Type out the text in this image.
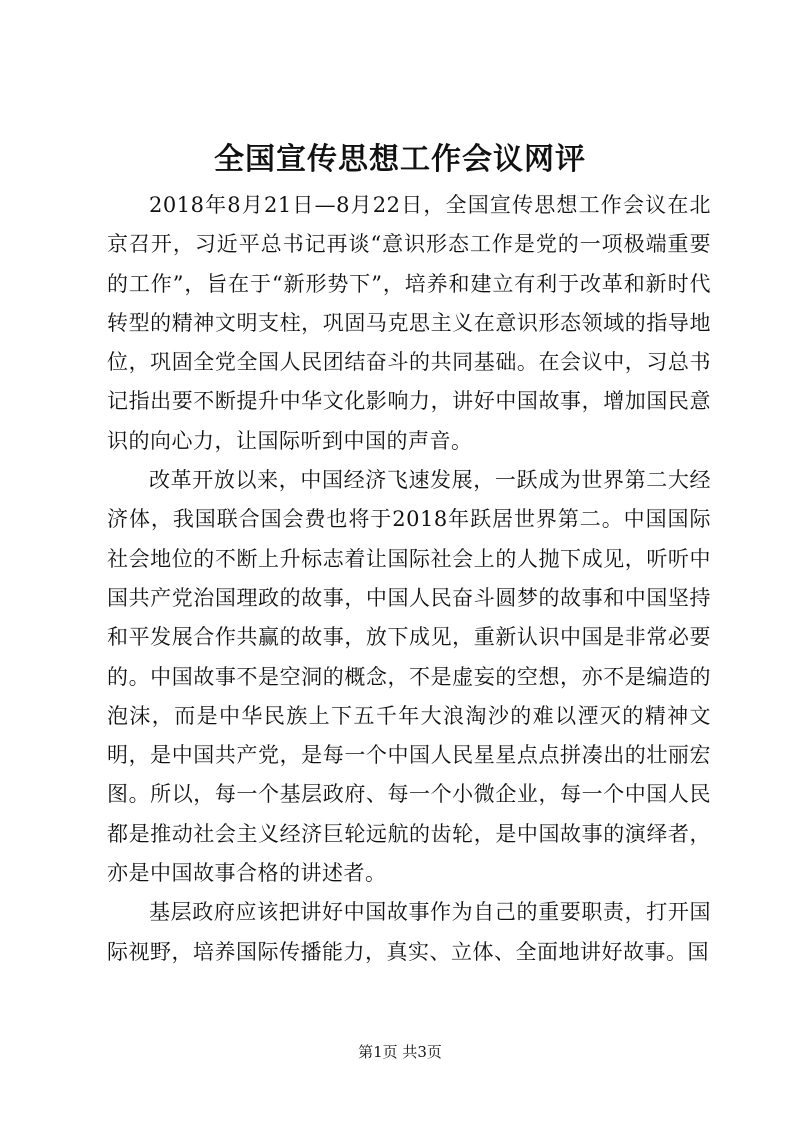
全国宣传思想工作会议网评

2018年8月21日—8月22日，全国宣传思想工作会议在北京召开，习近平总书记再谈“意识形态工作是党的一项极端重要的工作”，旨在于“新形势下”，培养和建立有利于改革和新时代转型的精神文明支柱，巩固马克思主义在意识形态领域的指导地位，巩固全党全国人民团结奋斗的共同基础。在会议中，习总书记指出要不断提升中华文化影响力，讲好中国故事，增加国民意识的向心力，让国际听到中国的声音。

改革开放以来，中国经济飞速发展，一跃成为世界第二大经济体，我国联合国会费也将于2018年跃居世界第二。中国国际社会地位的不断上升标志着让国际社会上的人抛下成见，听听中国共产党治国理政的故事，中国人民奋斗圆梦的故事和中国坚持和平发展合作共赢的故事，放下成见，重新认识中国是非常必要的。中国故事不是空洞的概念，不是虚妄的空想，亦不是编造的泡沫，而是中华民族上下五千年大浪淘沙的难以湮灭的精神文明，是中国共产党，是每一个中国人民星星点点拼凑出的壮丽宏图。所以，每一个基层政府、每一个小微企业，每一个中国人民都是推动社会主义经济巨轮远航的齿轮，是中国故事的演绎者，亦是中国故事合格的讲述者。

基层政府应该把讲好中国故事作为自己的重要职责，打开国际视野，培养国际传播能力，真实、立体、全面地讲好故事。国

第1页 共3页
